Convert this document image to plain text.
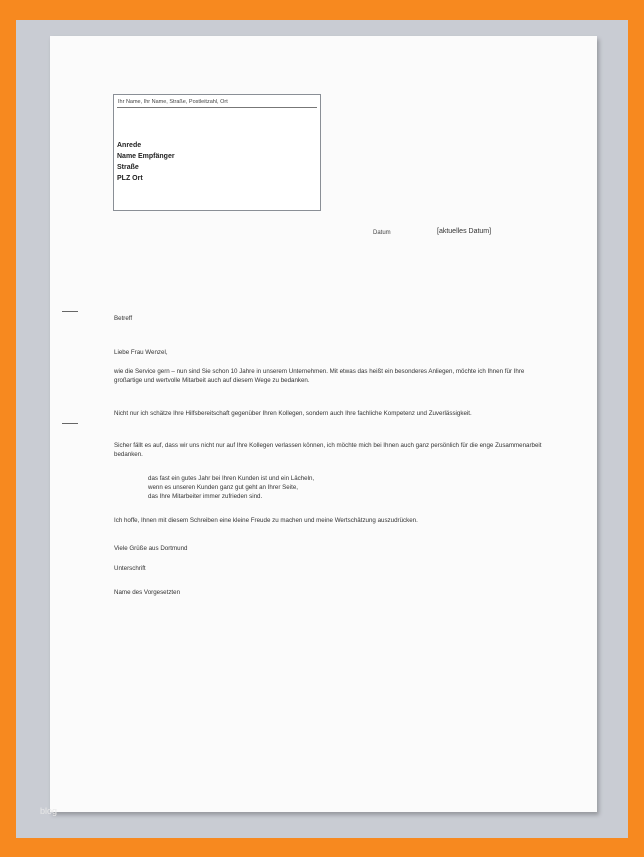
Ihr Name, Ihr Name, Straße, Postleitzahl, Ort
Anrede
Name Empfänger
Straße
PLZ Ort
Datum	[aktuelles Datum]
Betreff
Liebe Frau Wenzel,
wie die Service gern – nun sind Sie schon 10 Jahre in unserem Unternehmen. Mit etwas das heißt ein besonderes Anliegen, möchte ich Ihnen für Ihre großartige und wertvolle Mitarbeit auch auf diesem Wege zu bedanken.
Nicht nur ich schätze Ihre Hilfsbereitschaft gegenüber Ihren Kollegen, sondern auch Ihre fachliche Kompetenz und Zuverlässigkeit.
Sicher fällt es auf, dass wir uns nicht nur auf Ihre Kollegen verlassen können, ich möchte mich bei Ihnen auch ganz persönlich für die enge Zusammenarbeit bedanken.

das fast ein gutes Jahr bei Ihren Kunden ist und ein Lächeln,

wenn es unseren Kunden ganz gut geht an Ihrer Seite,

das Ihre Mitarbeiter immer zufrieden sind.

Ich hoffe, Ihnen mit diesem Schreiben eine kleine Freude zu machen und meine Wertschätzung auszudrücken.
Viele Grüße aus Dortmund
Unterschrift
Name des Vorgesetzten
blog
